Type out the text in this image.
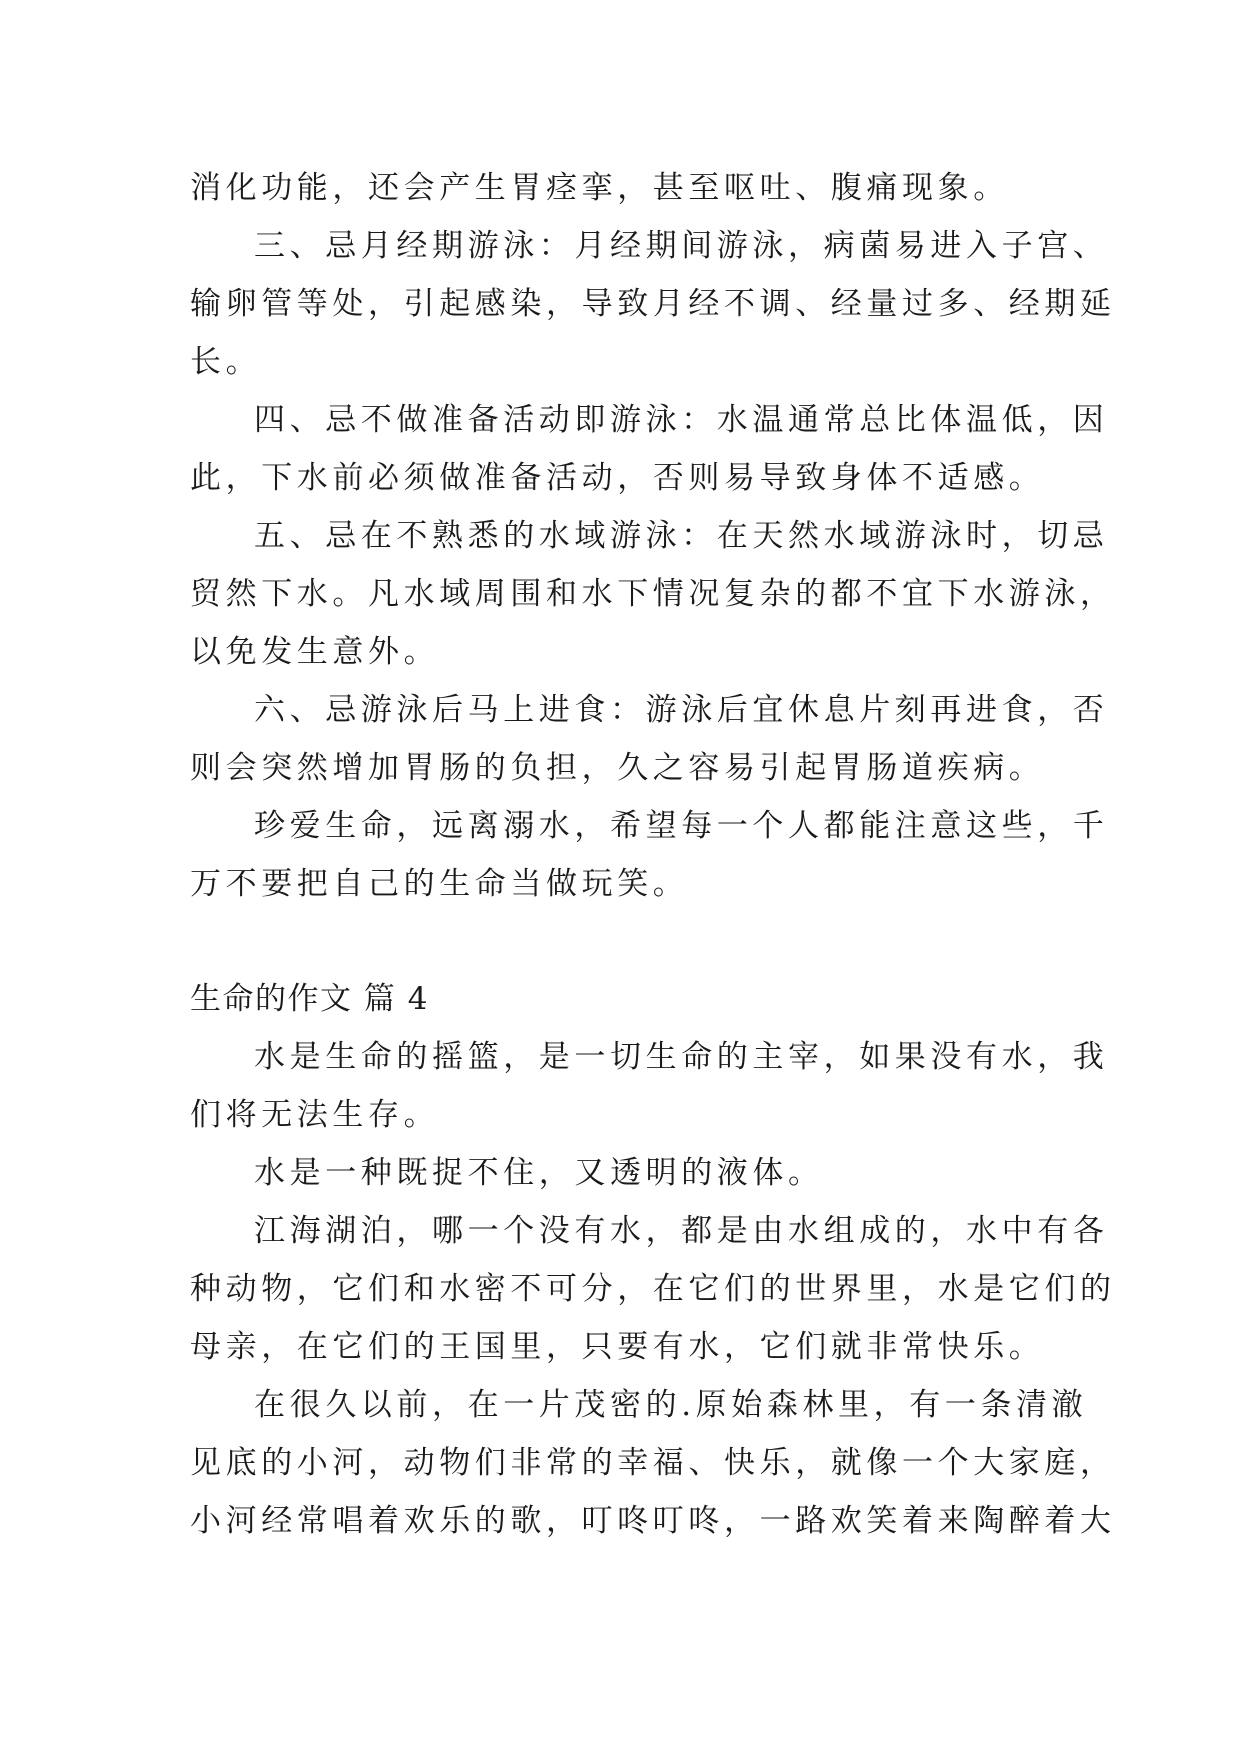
消化功能，还会产生胃痉挛，甚至呕吐、腹痛现象。

三、忌月经期游泳：月经期间游泳，病菌易进入子宫、

输卵管等处，引起感染，导致月经不调、经量过多、经期延

长。

四、忌不做准备活动即游泳：水温通常总比体温低，因

此，下水前必须做准备活动，否则易导致身体不适感。

五、忌在不熟悉的水域游泳：在天然水域游泳时，切忌

贸然下水。凡水域周围和水下情况复杂的都不宜下水游泳，

以免发生意外。

六、忌游泳后马上进食：游泳后宜休息片刻再进食，否

则会突然增加胃肠的负担，久之容易引起胃肠道疾病。

珍爱生命，远离溺水，希望每一个人都能注意这些，千

万不要把自己的生命当做玩笑。

生命的作文 篇 4

水是生命的摇篮，是一切生命的主宰，如果没有水，我

们将无法生存。

水是一种既捉不住，又透明的液体。

江海湖泊，哪一个没有水，都是由水组成的，水中有各

种动物，它们和水密不可分，在它们的世界里，水是它们的

母亲，在它们的王国里，只要有水，它们就非常快乐。

在很久以前，在一片茂密的.原始森林里，有一条清澈

见底的小河，动物们非常的幸福、快乐，就像一个大家庭，

小河经常唱着欢乐的歌，叮咚叮咚，一路欢笑着来陶醉着大
